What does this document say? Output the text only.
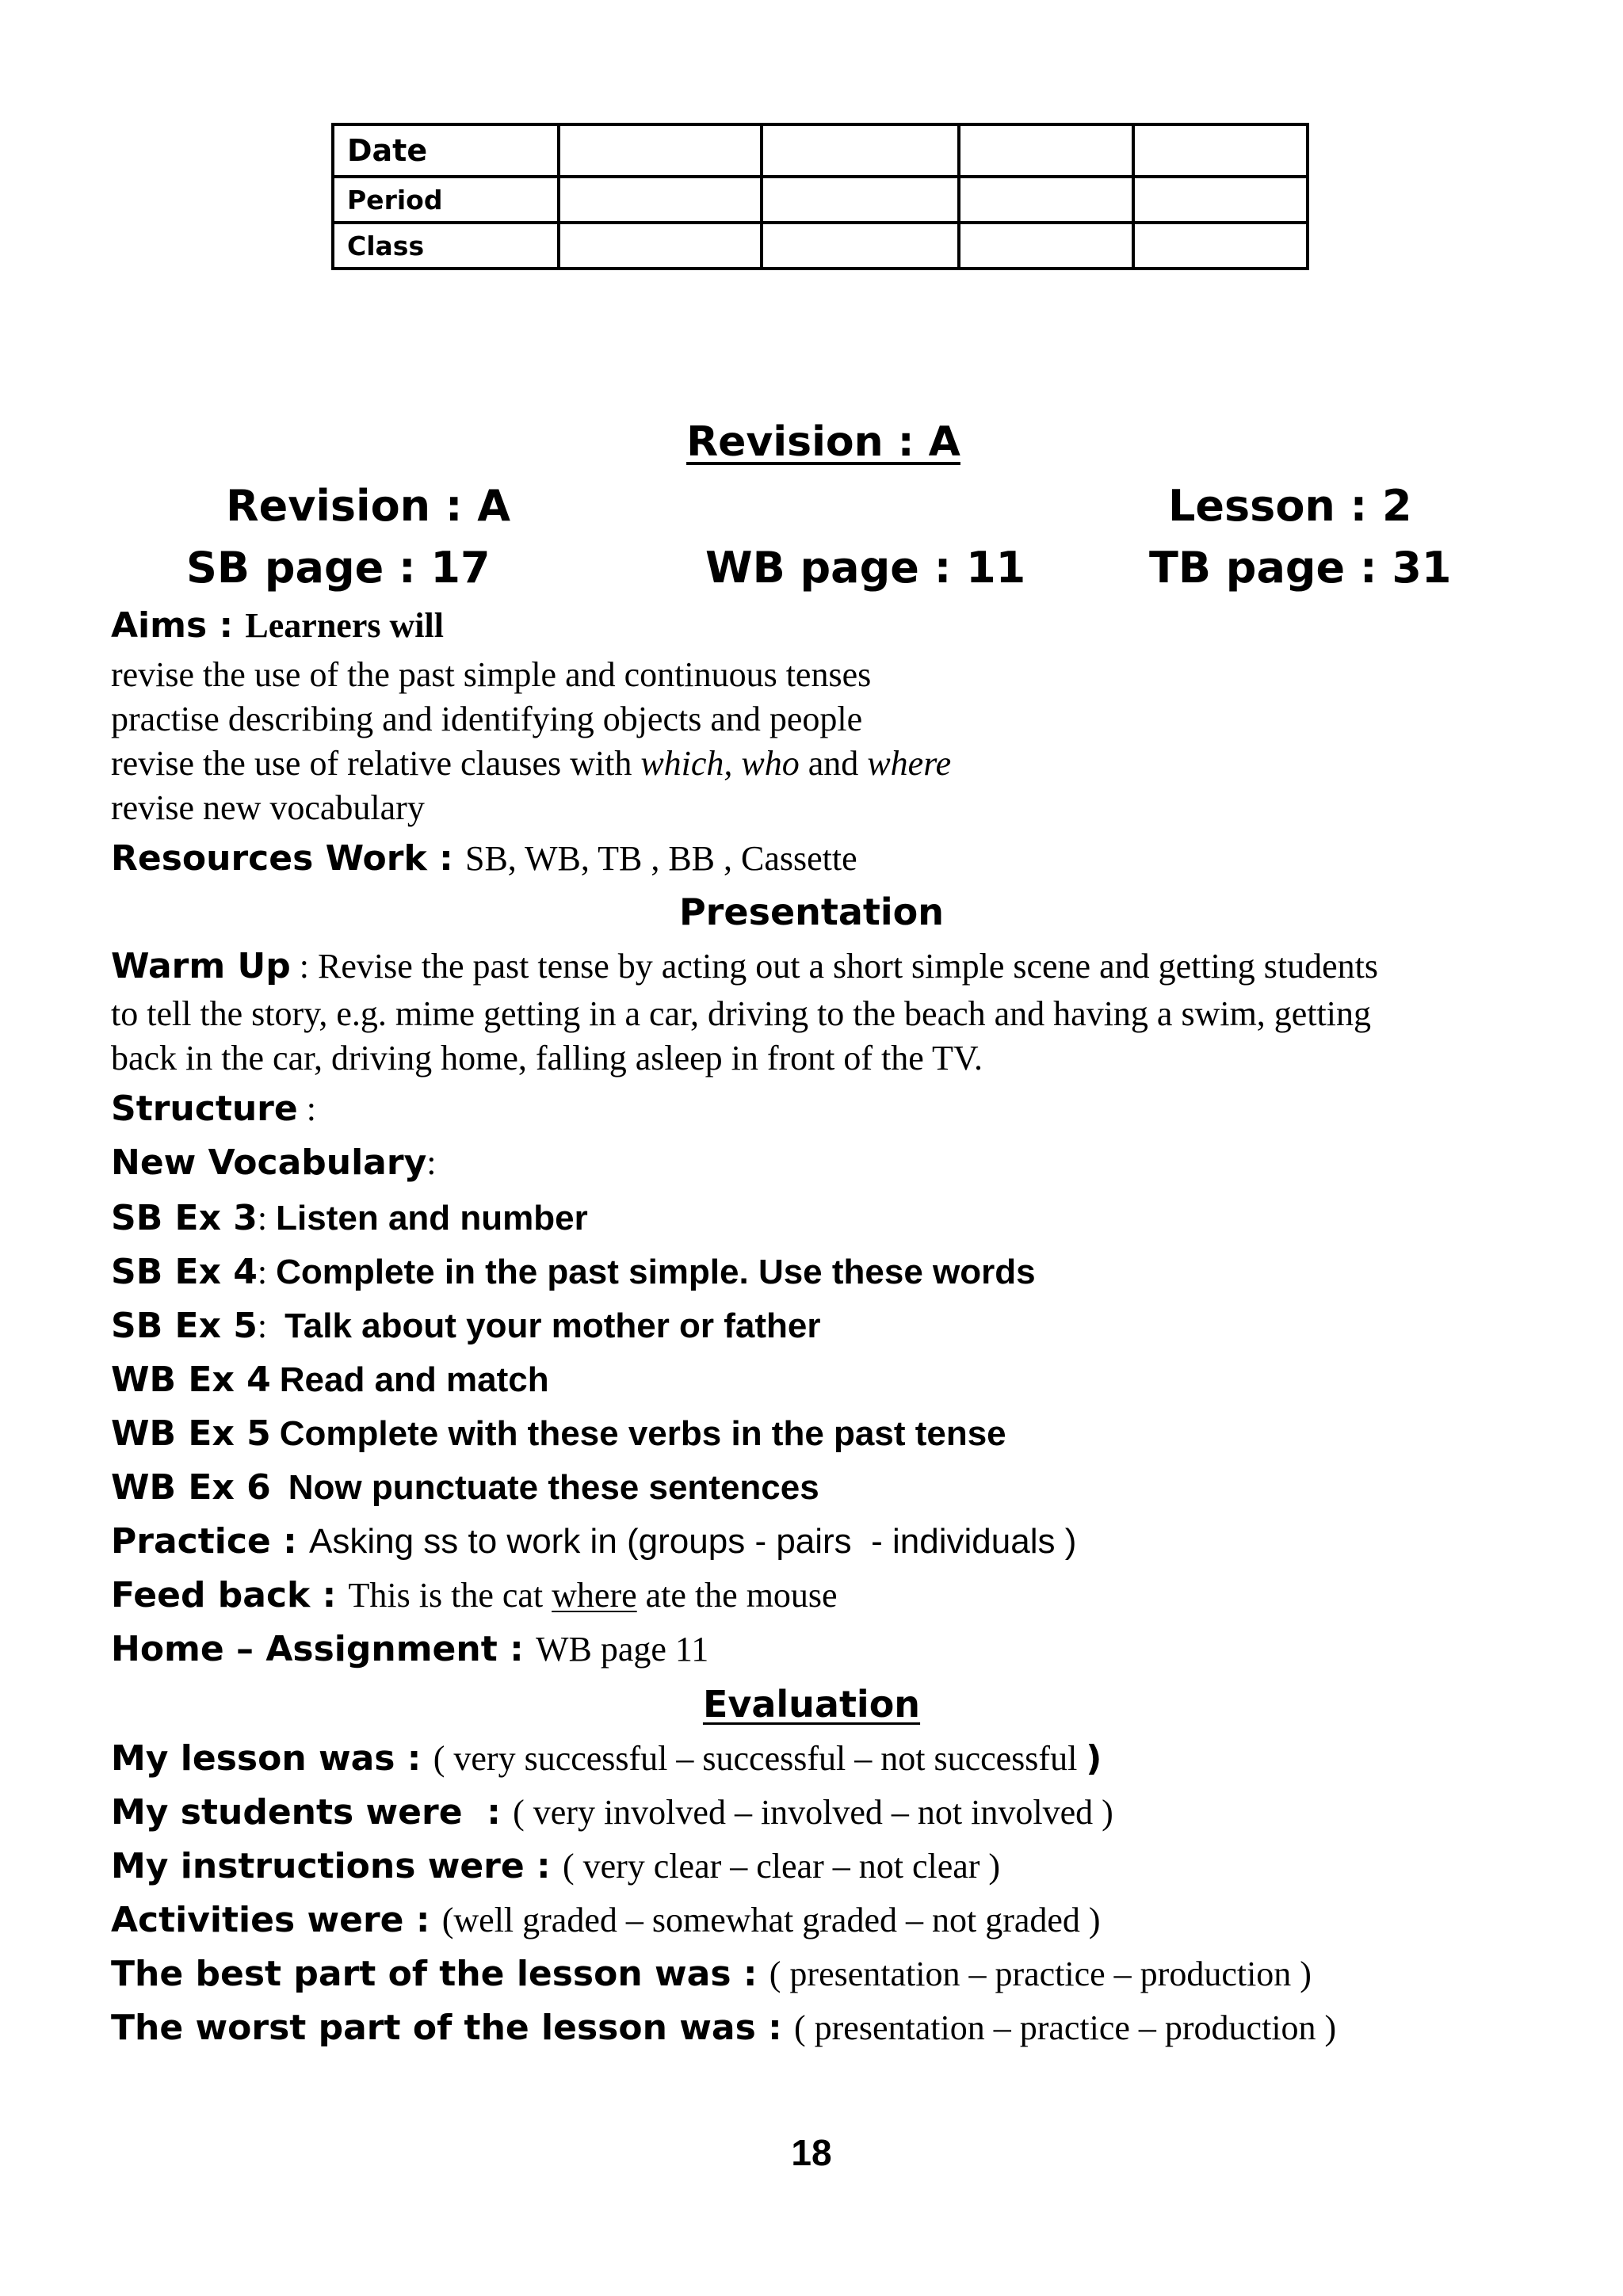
Date				
Period				
Class				
Revision : A
Revision : A	Lesson : 2
SB page : 17	WB page : 11	TB page : 31
Aims : Learners will
revise the use of the past simple and continuous tenses
practise describing and identifying objects and people
revise the use of relative clauses with which, who and where
revise new vocabulary
Resources Work : SB, WB, TB , BB , Cassette
Presentation
Warm Up : Revise the past tense by acting out a short simple scene and getting students
to tell the story, e.g. mime getting in a car, driving to the beach and having a swim, getting
back in the car, driving home, falling asleep in front of the TV.
Structure :
New Vocabulary:
SB Ex 3: Listen and number
SB Ex 4: Complete in the past simple. Use these words
SB Ex 5:  Talk about your mother or father
WB Ex 4 Read and match
WB Ex 5 Complete with these verbs in the past tense
WB Ex 6 Now punctuate these sentences
Practice : Asking ss to work in (groups - pairs  - individuals )
Feed back : This is the cat where ate the mouse
Home – Assignment : WB page 11
Evaluation
My lesson was : ( very successful – successful – not successful )
My students were  : ( very involved – involved – not involved )
My instructions were : ( very clear – clear – not clear )
Activities were : (well graded – somewhat graded – not graded )
The best part of the lesson was : ( presentation – practice – production )
The worst part of the lesson was : ( presentation – practice – production )
18
